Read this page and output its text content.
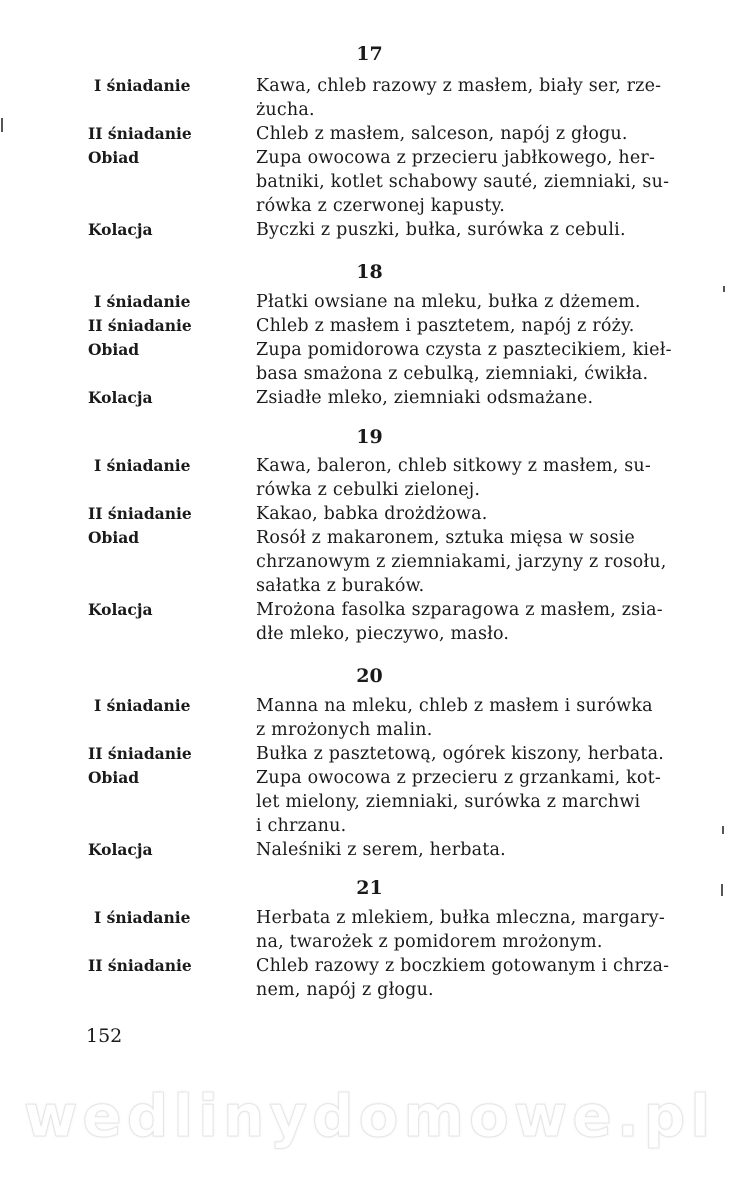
17
I śniadanie	Kawa, chleb razowy z masłem, biały ser, rze-
żucha.
II śniadanie	Chleb z masłem, salceson, napój z głogu.
Obiad	Zupa owocowa z przecieru jabłkowego, her-
batniki, kotlet schabowy sauté, ziemniaki, su-
rówka z czerwonej kapusty.
Kolacja	Byczki z puszki, bułka, surówka z cebuli.
18
I śniadanie	Płatki owsiane na mleku, bułka z dżemem.
II śniadanie	Chleb z masłem i pasztetem, napój z róży.
Obiad	Zupa pomidorowa czysta z pasztecikiem, kieł-
basa smażona z cebulką, ziemniaki, ćwikła.
Kolacja	Zsiadłe mleko, ziemniaki odsmażane.
19
I śniadanie	Kawa, baleron, chleb sitkowy z masłem, su-
rówka z cebulki zielonej.
II śniadanie	Kakao, babka drożdżowa.
Obiad	Rosół z makaronem, sztuka mięsa w sosie
chrzanowym z ziemniakami, jarzyny z rosołu,
sałatka z buraków.
Kolacja	Mrożona fasolka szparagowa z masłem, zsia-
dłe mleko, pieczywo, masło.
20
I śniadanie	Manna na mleku, chleb z masłem i surówka
z mrożonych malin.
II śniadanie	Bułka z pasztetową, ogórek kiszony, herbata.
Obiad	Zupa owocowa z przecieru z grzankami, kot-
let mielony, ziemniaki, surówka z marchwi
i chrzanu.
Kolacja	Naleśniki z serem, herbata.
21
I śniadanie	Herbata z mlekiem, bułka mleczna, margary-
na, twarożek z pomidorem mrożonym.
II śniadanie	Chleb razowy z boczkiem gotowanym i chrza-
nem, napój z głogu.
152
wedlinydomowe.pl
